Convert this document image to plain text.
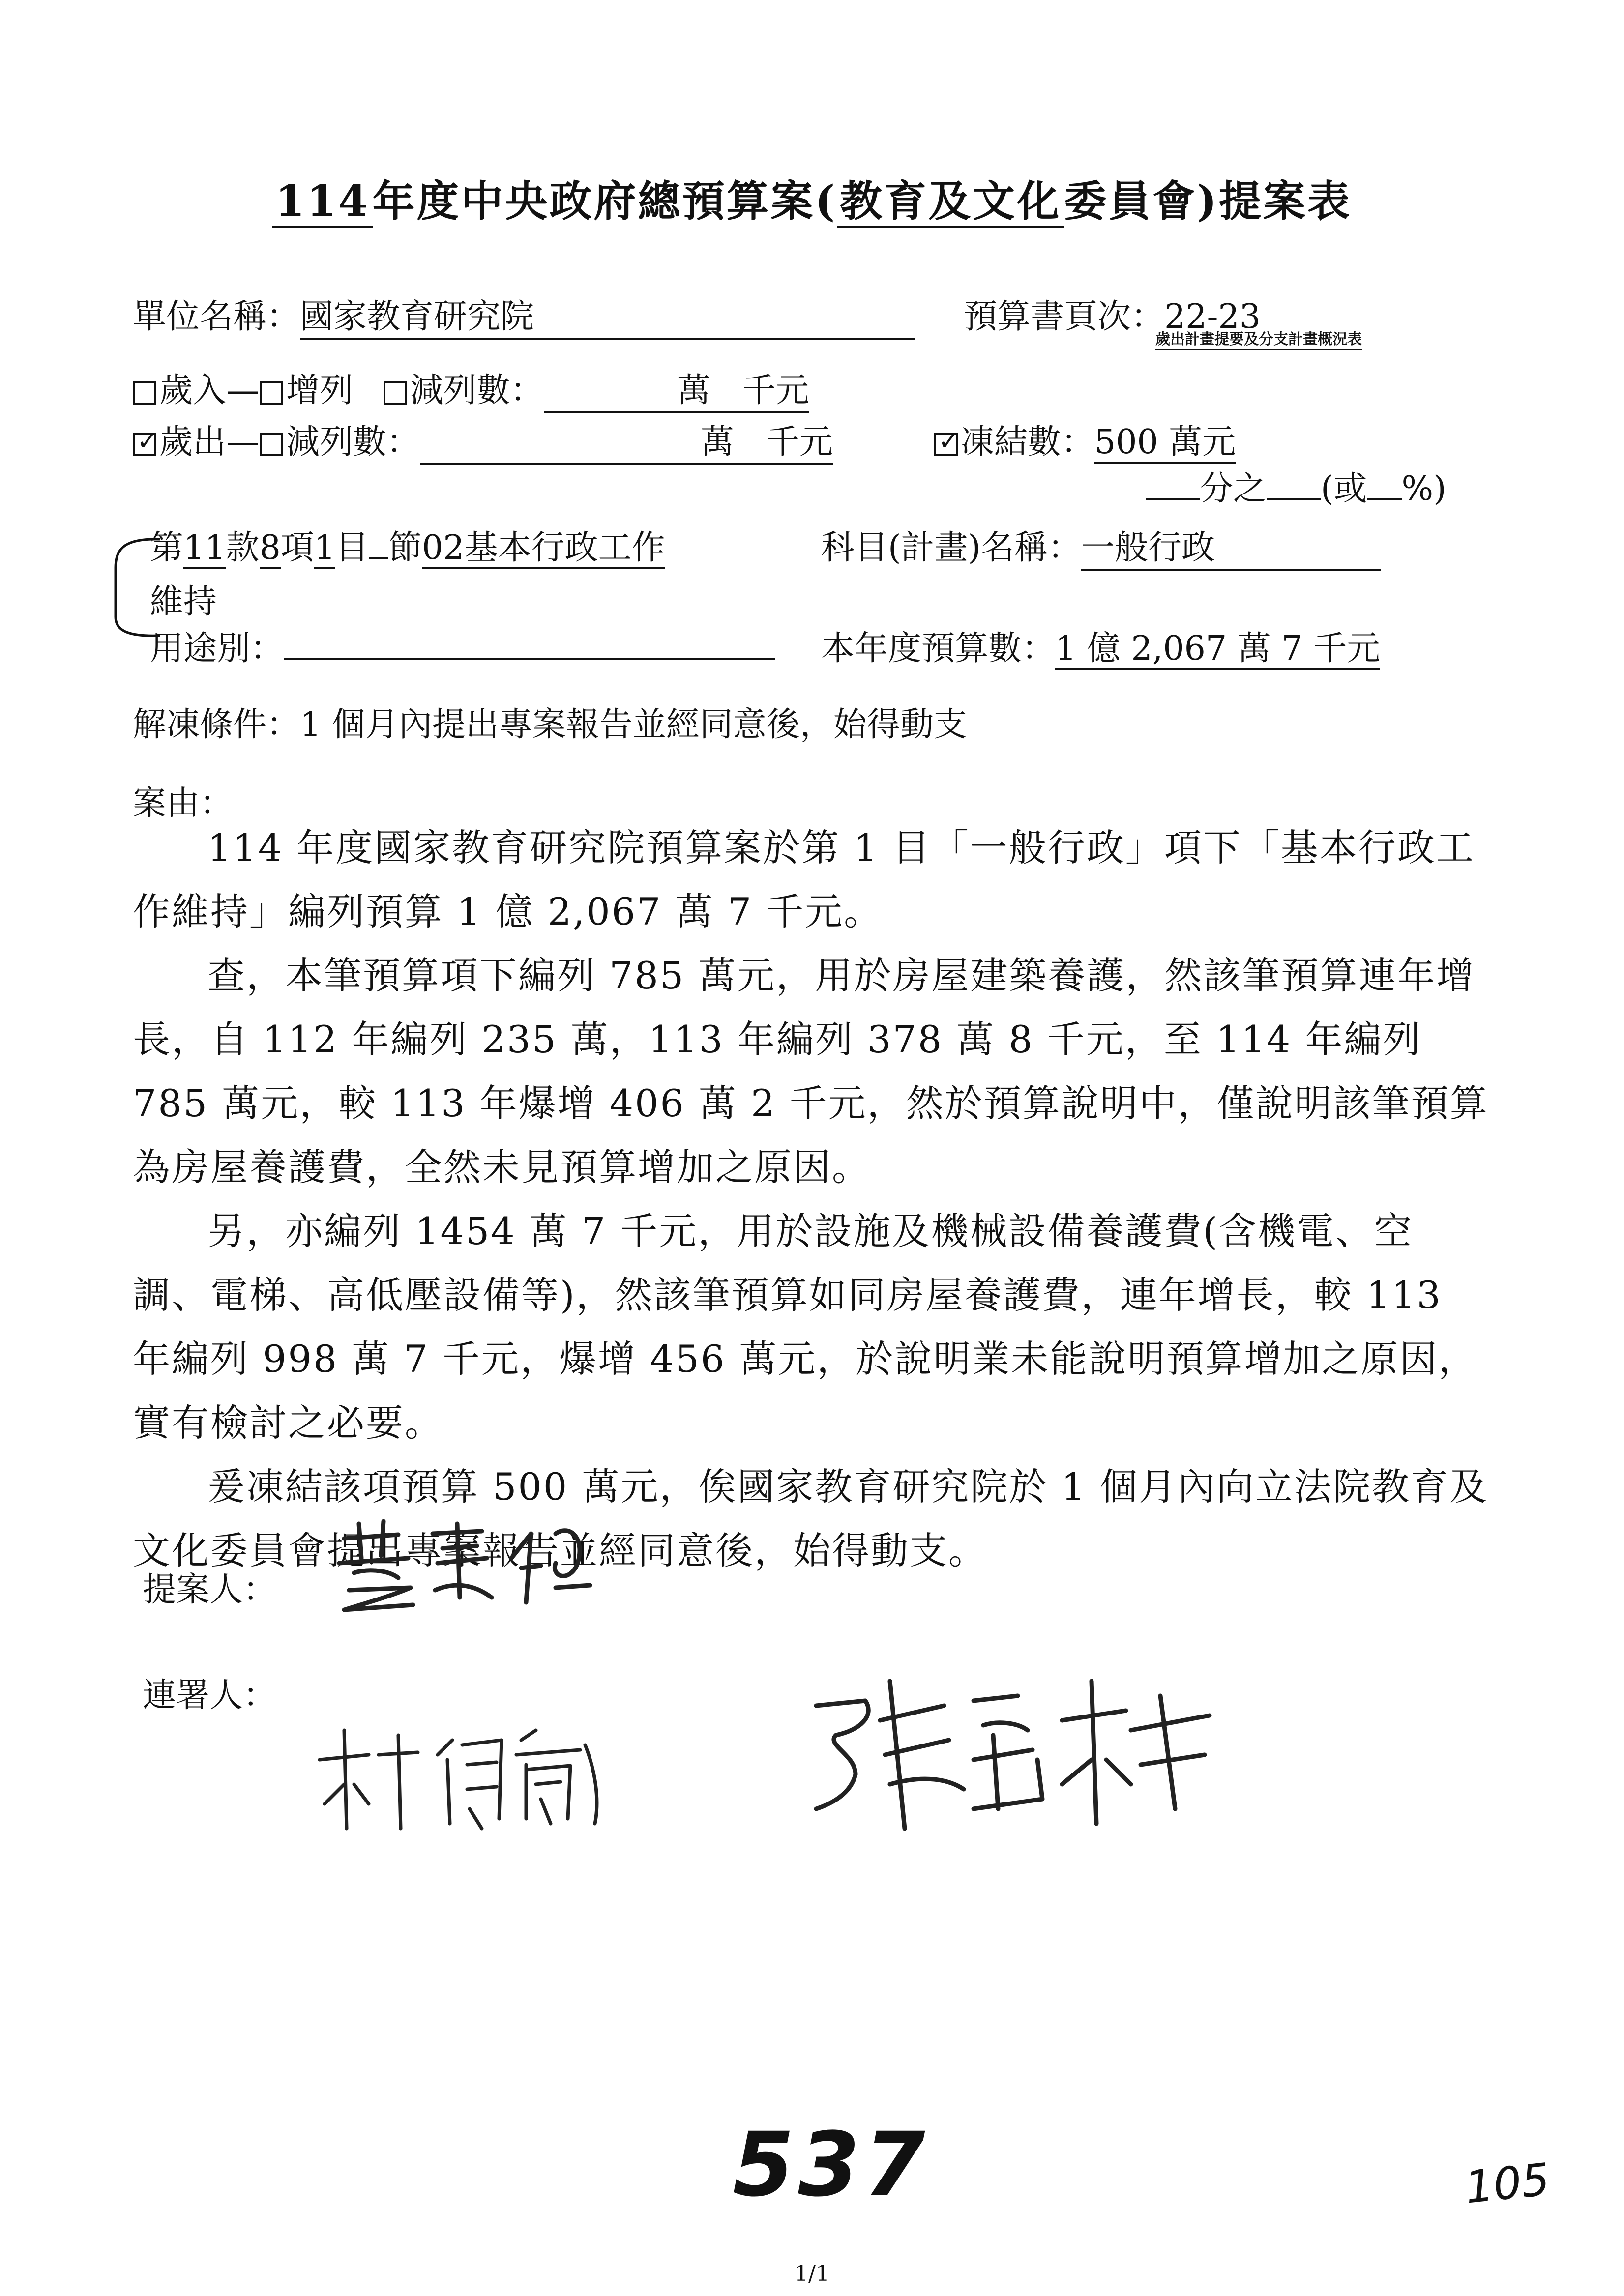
114年度中央政府總預算案(教育及文化委員會)提案表
單位名稱：國家教育研究院	預算書頁次：22-23
歲出計畫提要及分支計畫概況表
歲入— 增列 減列數：	萬   千元
✓歲出— 減列數：	萬   千元
✓	凍結數：500 萬元
分之 (或 %)
第11款8項1目 節02基本行政工作
維持
科目(計畫)名稱：一般行政
用途別：	本年度預算數：1 億 2,067 萬 7 千元
解凍條件：1 個月內提出專案報告並經同意後，始得動支
案由：

114 年度國家教育研究院預算案於第 1 目「一般行政」項下「基本行政工作維持」編列預算 1 億 2,067 萬 7 千元。

查，本筆預算項下編列 785 萬元，用於房屋建築養護，然該筆預算連年增長，自 112 年編列 235 萬，113 年編列 378 萬 8 千元，至 114 年編列 785 萬元，較 113 年爆增 406 萬 2 千元，然於預算說明中，僅說明該筆預算為房屋養護費，全然未見預算增加之原因。

另，亦編列 1454 萬 7 千元，用於設施及機械設備養護費(含機電、空調、電梯、高低壓設備等)，然該筆預算如同房屋養護費，連年增長，較 113 年編列 998 萬 7 千元，爆增 456 萬元，於說明業未能說明預算增加之原因，實有檢討之必要。

爰凍結該項預算 500 萬元，俟國家教育研究院於 1 個月內向立法院教育及文化委員會提出專案報告並經同意後，始得動支。

提案人：
連署人：
537	105
1/1
